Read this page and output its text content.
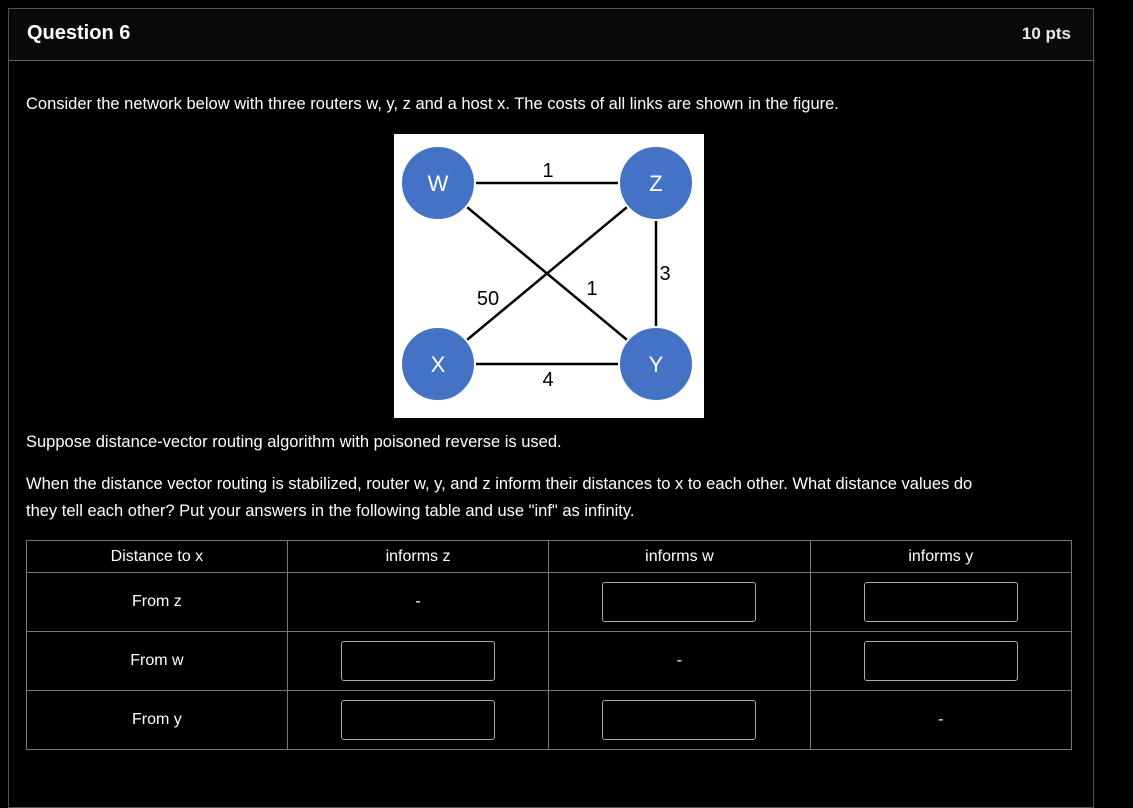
Question 6	10 pts
Consider the network below with three routers w, y, z and a host x. The costs of all links are shown in the figure.
W	Z
X	Y
1
50	1
3
4
Suppose distance-vector routing algorithm with poisoned reverse is used.
When the distance vector routing is stabilized, router w, y, and z inform their distances to x to each other. What distance values do
they tell each other? Put your answers in the following table and use "inf" as infinity.
Distance to x	informs z	informs w	informs y
From z	-		
From w		-	
From y			-
